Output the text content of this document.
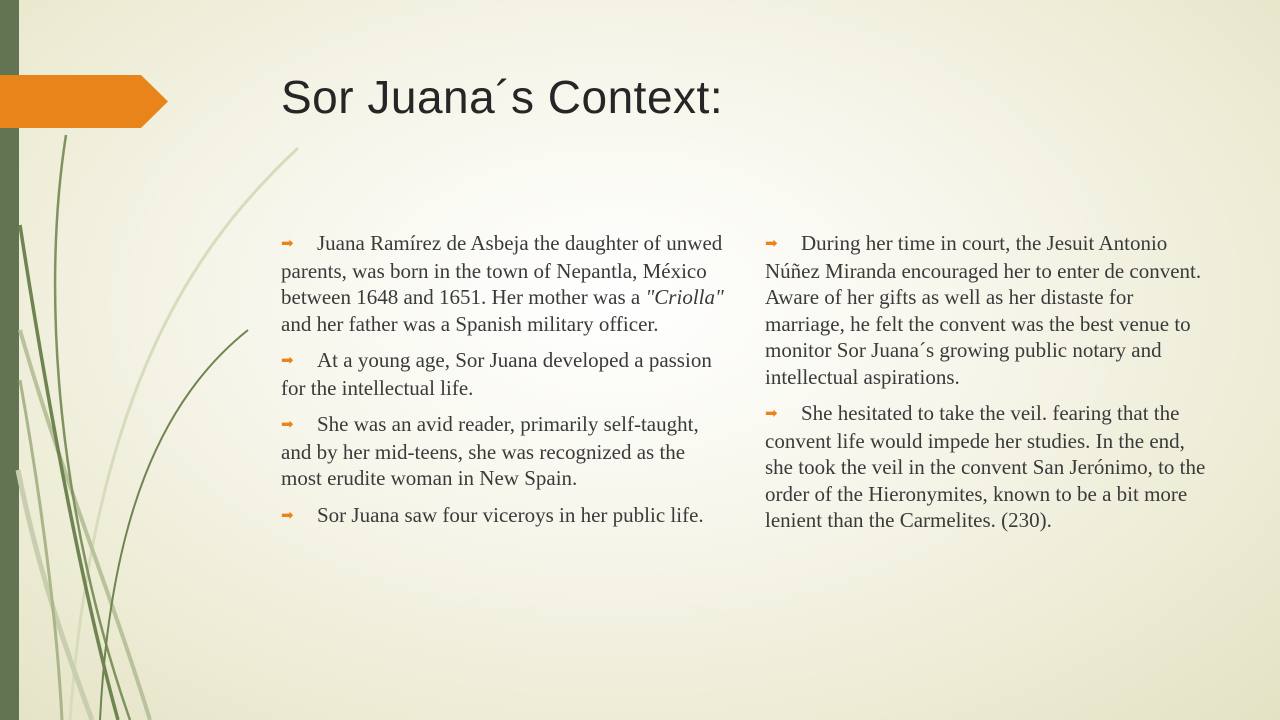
Sor Juana´s Context:

➡ Juana Ramírez de Asbeja the daughter of unwed parents, was born in the town of Nepantla, México between 1648 and 1651. Her mother was a "Criolla" and her father was a Spanish military officer.

➡ At a young age, Sor Juana developed a passion for the intellectual life.

➡ She was an avid reader, primarily self-taught, and by her mid-teens, she was recognized as the most erudite woman in New Spain.

➡ Sor Juana saw four viceroys in her public life.

➡ During her time in court, the Jesuit Antonio Núñez Miranda encouraged her to enter de convent. Aware of her gifts as well as her distaste for marriage, he felt the convent was the best venue to monitor Sor Juana´s growing public notary and intellectual aspirations.

➡ She hesitated to take the veil. fearing that the convent life would impede her studies. In the end, she took the veil in the convent San Jerónimo, to the order of the Hieronymites, known to be a bit more lenient than the Carmelites. (230).
